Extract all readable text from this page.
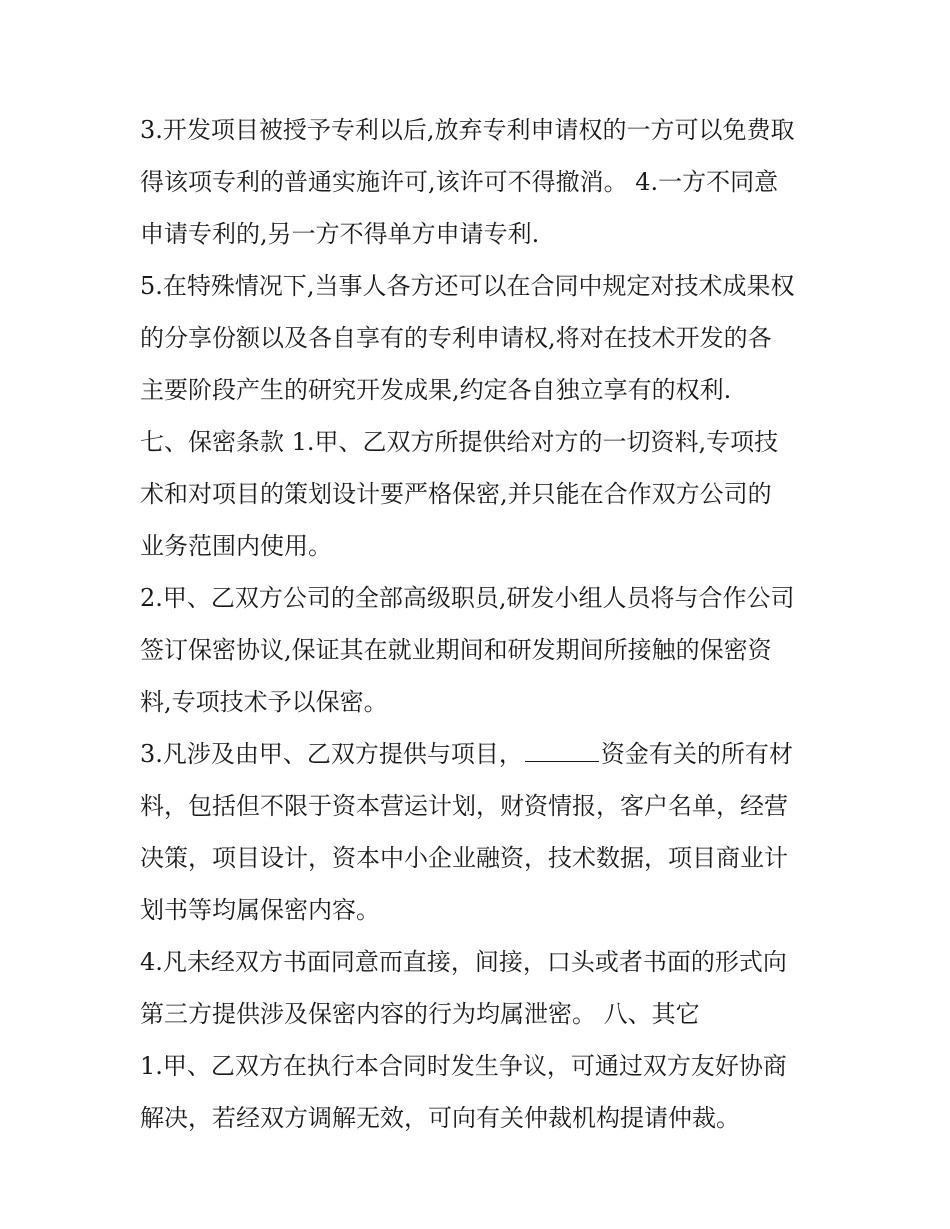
3.开发项目被授予专利以后,放弃专利申请权的一方可以免费取
得该项专利的普通实施许可,该许可不得撤消。 4.一方不同意
申请专利的,另一方不得单方申请专利.
5.在特殊情况下,当事人各方还可以在合同中规定对技术成果权
的分享份额以及各自享有的专利申请权,将对在技术开发的各
主要阶段产生的研究开发成果,约定各自独立享有的权利.
七、保密条款 1.甲、乙双方所提供给对方的一切资料,专项技
术和对项目的策划设计要严格保密,并只能在合作双方公司的
业务范围内使用。
2.甲、乙双方公司的全部高级职员,研发小组人员将与合作公司
签订保密协议,保证其在就业期间和研发期间所接触的保密资
料,专项技术予以保密。
3.凡涉及由甲、乙双方提供与项目，	资金有关的所有材
料，包括但不限于资本营运计划，财资情报，客户名单，经营
决策，项目设计，资本中小企业融资，技术数据，项目商业计
划书等均属保密内容。
4.凡未经双方书面同意而直接，间接，口头或者书面的形式向
第三方提供涉及保密内容的行为均属泄密。 八、其它
1.甲、乙双方在执行本合同时发生争议，可通过双方友好协商
解决，若经双方调解无效，可向有关仲裁机构提请仲裁。
